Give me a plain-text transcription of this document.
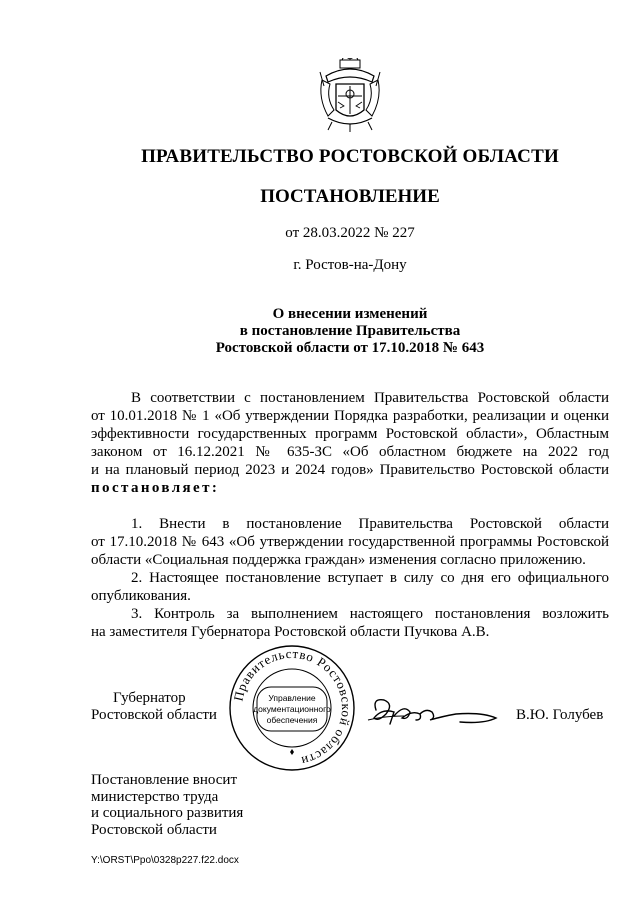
ПРАВИТЕЛЬСТВО РОСТОВСКОЙ ОБЛАСТИ
ПОСТАНОВЛЕНИЕ
от 28.03.2022 № 227
г. Ростов-на-Дону
О внесении изменений
в постановление Правительства
Ростовской области от 17.10.2018 № 643
В соответствии с постановлением Правительства Ростовской области
от 10.01.2018 № 1 «Об утверждении Порядка разработки, реализации и оценки
эффективности государственных программ Ростовской области», Областным
законом от 16.12.2021 № 635-ЗС «Об областном бюджете на 2022 год
и на плановый период 2023 и 2024 годов» Правительство Ростовской области
постановляет:
1. Внести в постановление Правительства Ростовской области
от 17.10.2018 № 643 «Об утверждении государственной программы Ростовской
области «Социальная поддержка граждан» изменения согласно приложению.
2. Настоящее постановление вступает в силу со дня его официального
опубликования.
3. Контроль за выполнением настоящего постановления возложить
на заместителя Губернатора Ростовской области Пучкова А.В.
Губернатор
Ростовской области
Правительство Ростовской области
Управление
документационного
обеспечения	В.Ю. Голубев
Постановление вносит
министерство труда
и социального развития
Ростовской области
Y:\ORST\Ppo\0328p227.f22.docx
